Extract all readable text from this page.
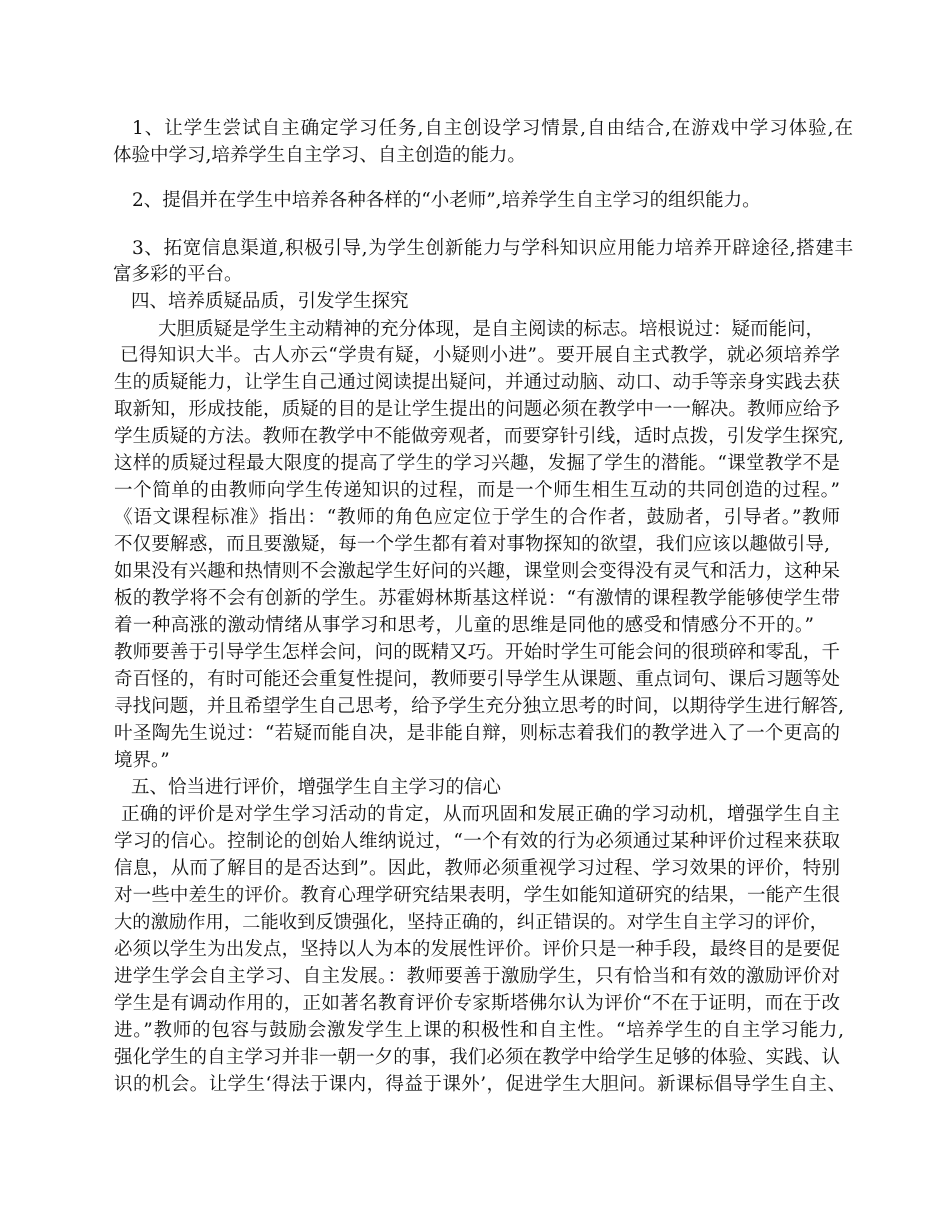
1、让学生尝试自主确定学习任务,自主创设学习情景,自由结合,在游戏中学习体验,在
体验中学习,培养学生自主学习、自主创造的能力。
2、提倡并在学生中培养各种各样的“小老师”,培养学生自主学习的组织能力。
3、拓宽信息渠道,积极引导,为学生创新能力与学科知识应用能力培养开辟途径,搭建丰
富多彩的平台。
四、培养质疑品质，引发学生探究
大胆质疑是学生主动精神的充分体现，是自主阅读的标志。培根说过：疑而能问，
已得知识大半。古人亦云“学贵有疑，小疑则小进”。要开展自主式教学，就必须培养学
生的质疑能力，让学生自己通过阅读提出疑问，并通过动脑、动口、动手等亲身实践去获
取新知，形成技能，质疑的目的是让学生提出的问题必须在教学中一一解决。教师应给予
学生质疑的方法。教师在教学中不能做旁观者，而要穿针引线，适时点拨，引发学生探究,
这样的质疑过程最大限度的提高了学生的学习兴趣，发掘了学生的潜能。“课堂教学不是
一个简单的由教师向学生传递知识的过程，而是一个师生相生互动的共同创造的过程。”
《语文课程标准》指出：“教师的角色应定位于学生的合作者，鼓励者，引导者。”教师
不仅要解惑，而且要激疑，每一个学生都有着对事物探知的欲望，我们应该以趣做引导,
如果没有兴趣和热情则不会激起学生好问的兴趣，课堂则会变得没有灵气和活力，这种呆
板的教学将不会有创新的学生。苏霍姆林斯基这样说：“有激情的课程教学能够使学生带
着一种高涨的激动情绪从事学习和思考，儿童的思维是同他的感受和情感分不开的。”
教师要善于引导学生怎样会问，问的既精又巧。开始时学生可能会问的很琐碎和零乱，千
奇百怪的，有时可能还会重复性提问，教师要引导学生从课题、重点词句、课后习题等处
寻找问题，并且希望学生自己思考，给予学生充分独立思考的时间，以期待学生进行解答,
叶圣陶先生说过：“若疑而能自决，是非能自辩，则标志着我们的教学进入了一个更高的
境界。”
五、恰当进行评价，增强学生自主学习的信心
正确的评价是对学生学习活动的肯定，从而巩固和发展正确的学习动机，增强学生自主
学习的信心。控制论的创始人维纳说过，“一个有效的行为必须通过某种评价过程来获取
信息，从而了解目的是否达到”。因此，教师必须重视学习过程、学习效果的评价，特别
对一些中差生的评价。教育心理学研究结果表明，学生如能知道研究的结果，一能产生很
大的激励作用，二能收到反馈强化，坚持正确的，纠正错误的。对学生自主学习的评价，
必须以学生为出发点，坚持以人为本的发展性评价。评价只是一种手段，最终目的是要促
进学生学会自主学习、自主发展。：教师要善于激励学生，只有恰当和有效的激励评价对
学生是有调动作用的，正如著名教育评价专家斯塔佛尔认为评价“不在于证明，而在于改
进。”教师的包容与鼓励会激发学生上课的积极性和自主性。“培养学生的自主学习能力,
强化学生的自主学习并非一朝一夕的事，我们必须在教学中给学生足够的体验、实践、认
识的机会。让学生‘得法于课内，得益于课外’，促进学生大胆问。新课标倡导学生自主、
